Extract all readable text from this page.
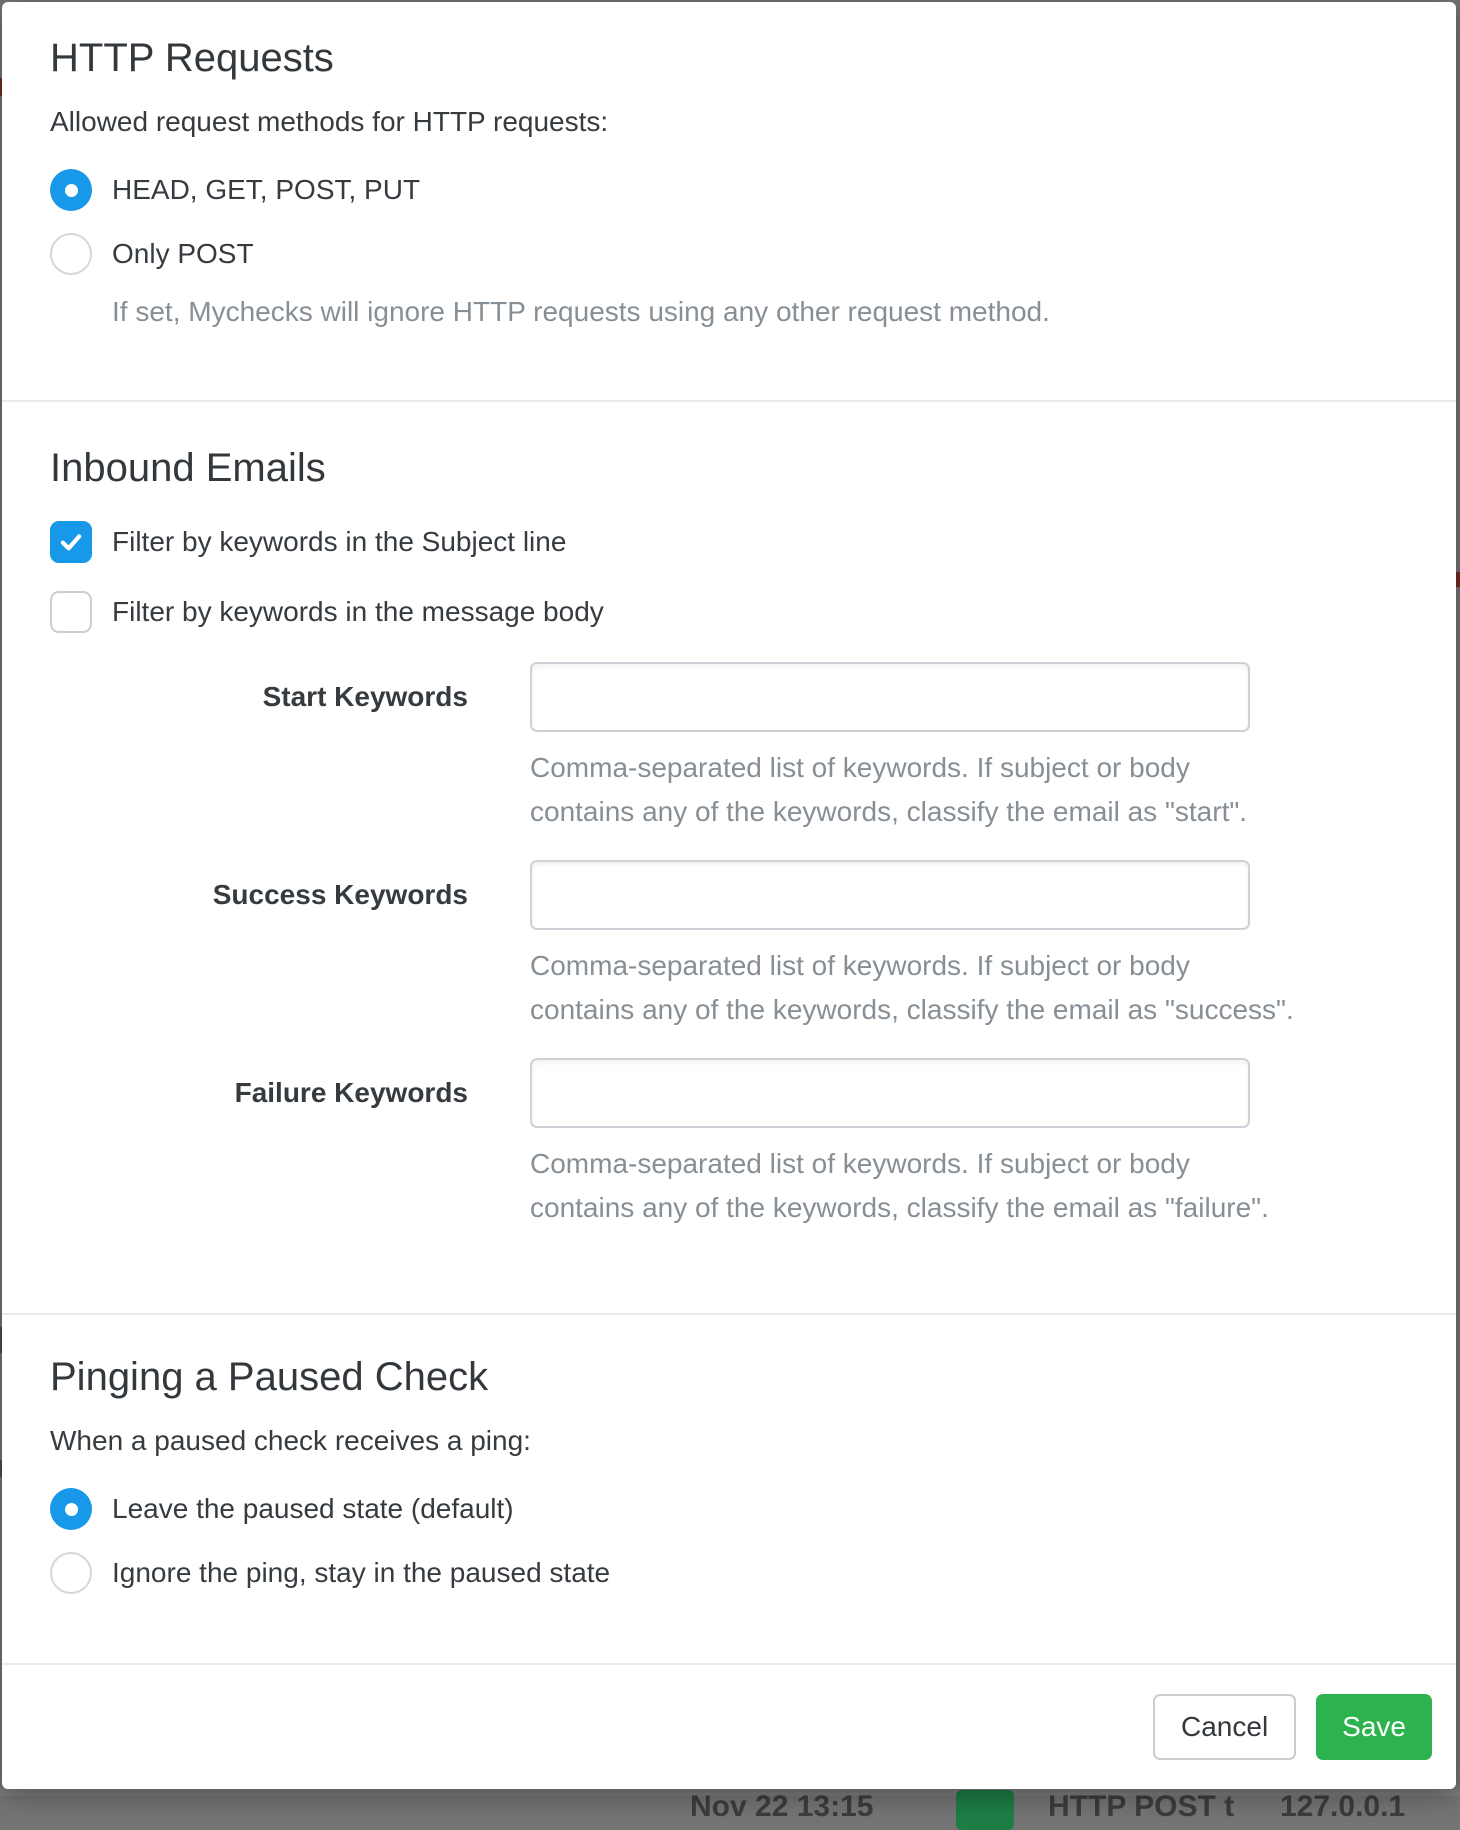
Nov 22 13:15	HTTP POST t 127.0.0.1
HTTP Requests

Allowed request methods for HTTP requests:

HEAD, GET, POST, PUT
Only POST
If set, Mychecks will ignore HTTP requests using any other request method.
Inbound Emails
Filter by keywords in the Subject line
Filter by keywords in the message body
Start Keywords
Comma-separated list of keywords. If subject or body
contains any of the keywords, classify the email as "start".
Success Keywords
Comma-separated list of keywords. If subject or body
contains any of the keywords, classify the email as "success".
Failure Keywords
Comma-separated list of keywords. If subject or body
contains any of the keywords, classify the email as "failure".
Pinging a Paused Check

When a paused check receives a ping:

Leave the paused state (default)
Ignore the ping, stay in the paused state
Cancel	Save
